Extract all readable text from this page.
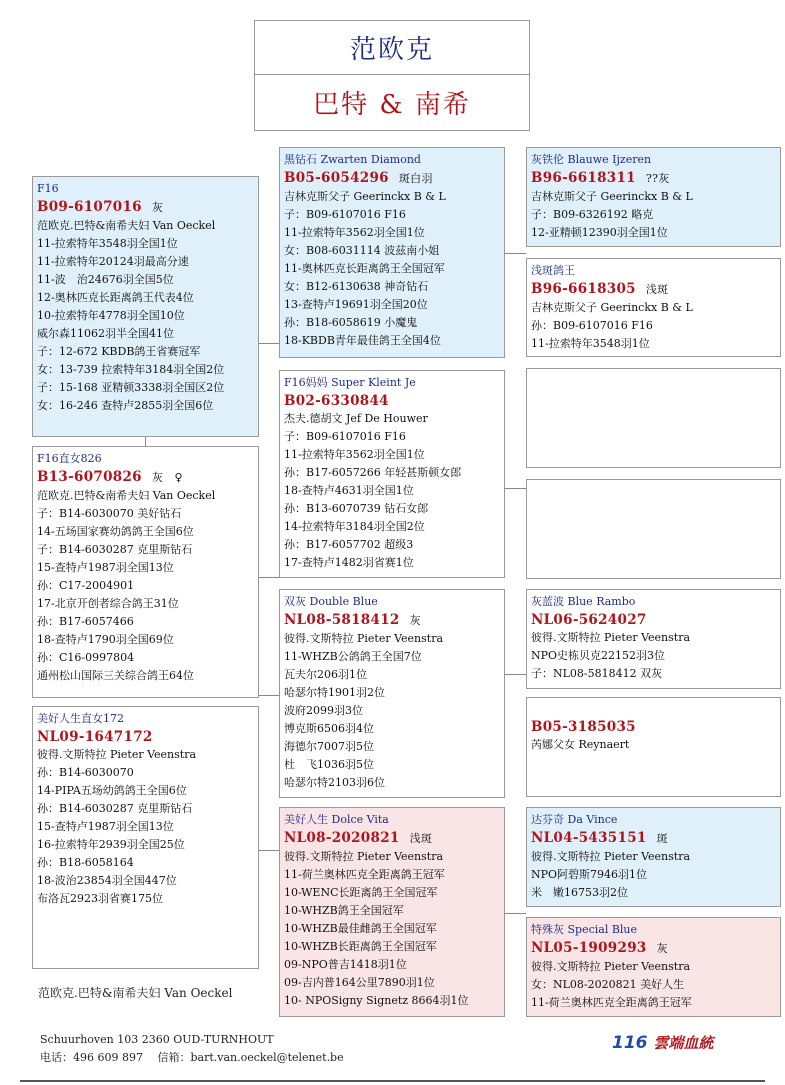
范欧克
巴特 & 南希
F16
B09-6107016 灰
范欧克.巴特&南希夫妇 Van Oeckel
11-拉索特年3548羽全国1位
11-拉索特年20124羽最高分速
11-波　治24676羽全国5位
12-奥林匹克长距离鸽王代表4位
10-拉索特年4778羽全国10位
威尔森11062羽半全国41位
子：12-672 KBDB鸽王省赛冠军
女：13-739 拉索特年3184羽全国2位
子：15-168 亚精顿3338羽全国区2位
女：16-246 查特卢2855羽全国6位
F16直女826
B13-6070826 灰　♀
范欧克.巴特&南希夫妇 Van Oeckel
子：B14-6030070 美好钻石
14-五场国家赛幼鸽鸽王全国6位
子：B14-6030287 克里斯钻石
15-查特卢1987羽全国13位
孙：C17-2004901
17-北京开创者综合鸽王31位
孙：B17-6057466
18-查特卢1790羽全国69位
孙：C16-0997804
通州松山国际三关综合鸽王64位
美好人生直女172
NL09-1647172
彼得.文斯特拉 Pieter Veenstra
孙：B14-6030070
14-PIPA五场幼鸽鸽王全国6位
孙：B14-6030287 克里斯钻石
15-查特卢1987羽全国13位
16-拉索特年2939羽全国25位
孙：B18-6058164
18-波治23854羽全国447位
布洛瓦2923羽省赛175位
黑钻石 Zwarten Diamond
B05-6054296 斑白羽
吉林克斯父子 Geerinckx B & L
子：B09-6107016 F16
11-拉索特年3562羽全国1位
女：B08-6031114 波兹南小姐
11-奥林匹克长距离鸽王全国冠军
女：B12-6130638 神奇钻石
13-查特卢19691羽全国20位
孙：B18-6058619 小魔鬼
18-KBDB青年最佳鸽王全国4位
F16妈妈 Super Kleint Je
B02-6330844
杰夫.德胡文 Jef De Houwer
子：B09-6107016 F16
11-拉索特年3562羽全国1位
孙：B17-6057266 年轻甚斯顿女郎
18-查特卢4631羽全国1位
孙：B13-6070739 钻石女郎
14-拉索特年3184羽全国2位
孙：B17-6057702 超级3
17-查特卢1482羽省赛1位
双灰 Double Blue
NL08-5818412 灰
彼得.文斯特拉 Pieter Veenstra
11-WHZB公鸽鸽王全国7位
瓦夫尔206羽1位
哈瑟尔特1901羽2位
波府2099羽3位
博克斯6506羽4位
海德尔7007羽5位
杜　飞1036羽5位
哈瑟尔特2103羽6位
美好人生 Dolce Vita
NL08-2020821 浅斑
彼得.文斯特拉 Pieter Veenstra
11-荷兰奥林匹克全距离鸽王冠军
10-WENC长距离鸽王全国冠军
10-WHZB鸽王全国冠军
10-WHZB最佳雌鸽王全国冠军
10-WHZB长距离鸽王全国冠军
09-NPO普吉1418羽1位
09-吉内普164公里7890羽1位
10- NPOSigny Signetz 8664羽1位
灰铁伦 Blauwe Ijzeren
B96-6618311 ??灰
吉林克斯父子 Geerinckx B & L
子：B09-6326192 略克
12-亚精顿12390羽全国1位
浅斑鸽王
B96-6618305 浅斑
吉林克斯父子 Geerinckx B & L
孙：B09-6107016 F16
11-拉索特年3548羽1位
灰蓝波 Blue Rambo
NL06-5624027
彼得.文斯特拉 Pieter Veenstra
NPO史栋贝克22152羽3位
子：NL08-5818412 双灰
B05-3185035
芮娜父女 Reynaert
达芬奇 Da Vince
NL04-5435151 斑
彼得.文斯特拉 Pieter Veenstra
NPO阿碧斯7946羽1位
米　嫩16753羽2位
特殊灰 Special Blue
NL05-1909293 灰
彼得.文斯特拉 Pieter Veenstra
女：NL08-2020821 美好人生
11-荷兰奥林匹克全距离鸽王冠军
范欧克.巴特&南希夫妇 Van Oeckel
Schuurhoven 103 2360 OUD-TURNHOUT
电话：496 609 897　 信箱：bart.van.oeckel@telenet.be
116 雲端血統
